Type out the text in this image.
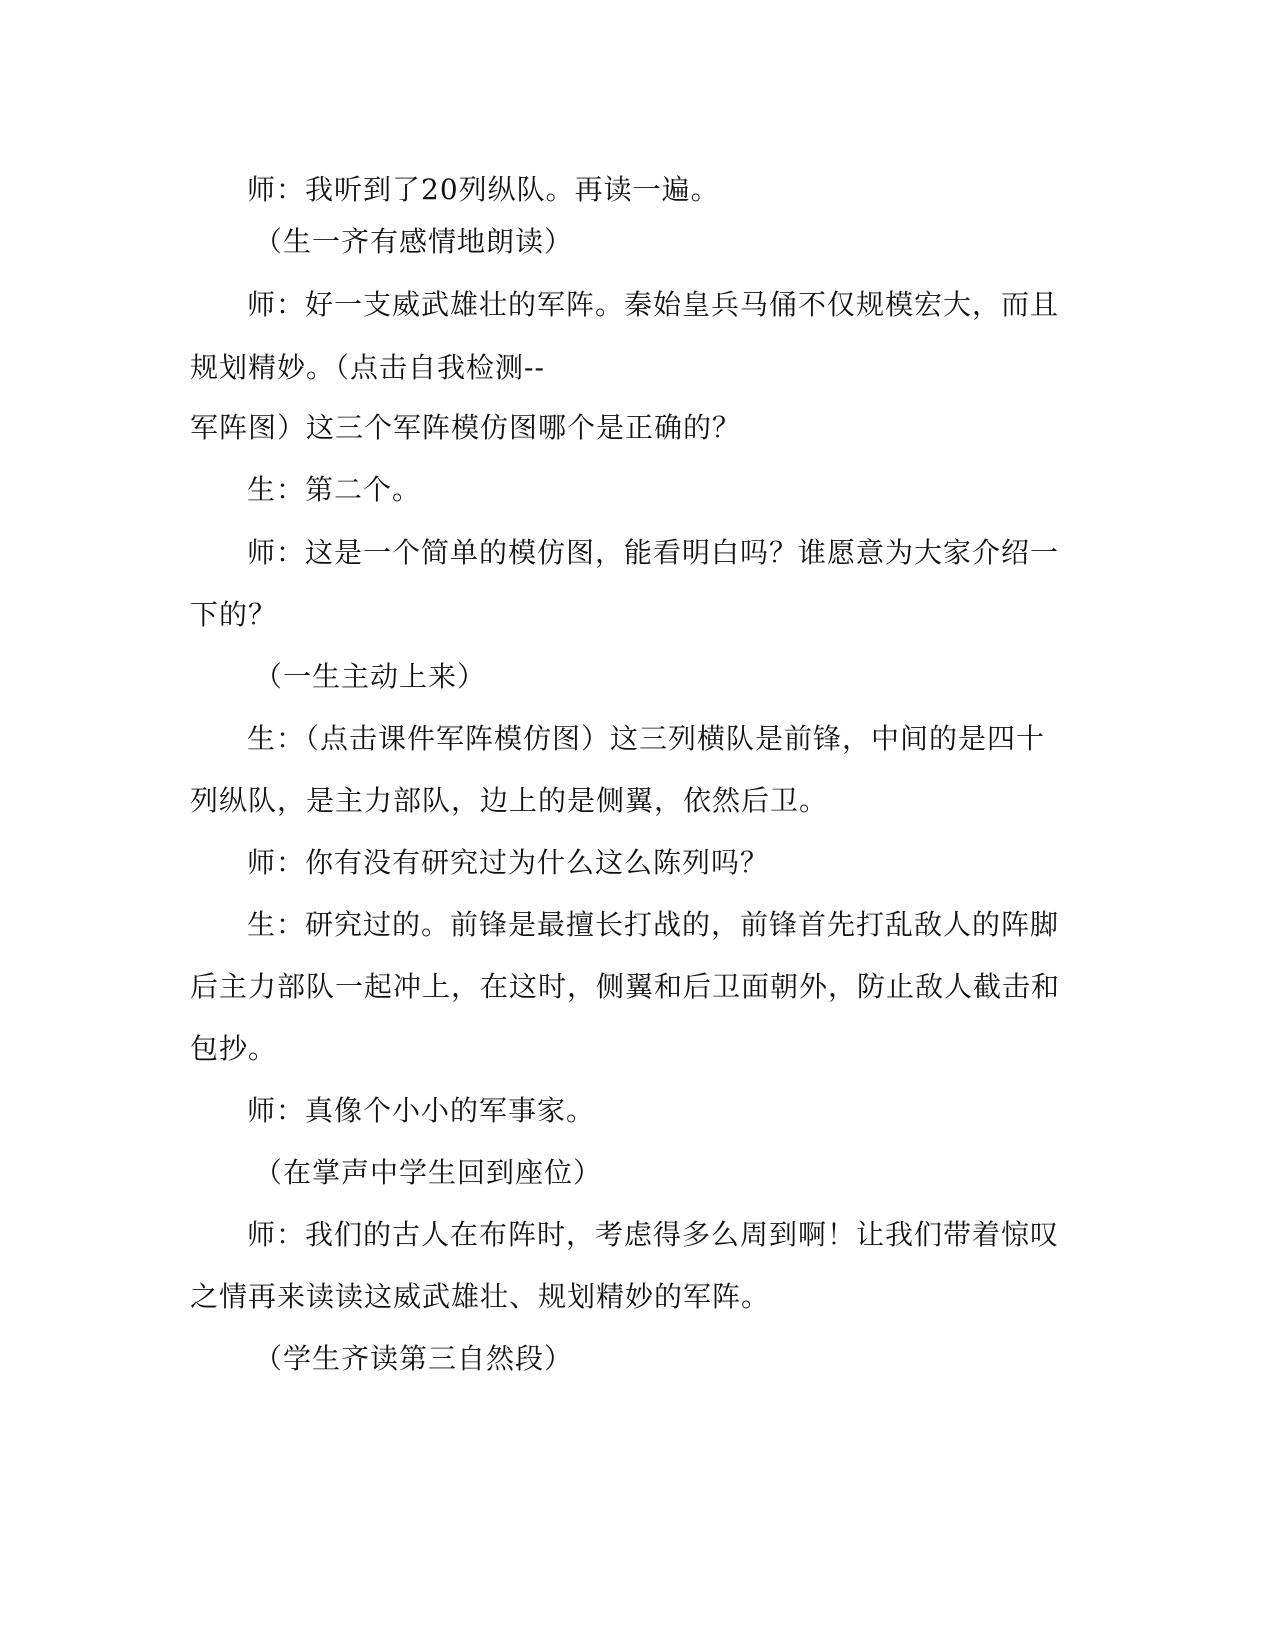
师：我听到了20列纵队。再读一遍。
（生一齐有感情地朗读）
师：好一支威武雄壮的军阵。秦始皇兵马俑不仅规模宏大，而且
规划精妙。（点击自我检测--
军阵图）这三个军阵模仿图哪个是正确的？
生：第二个。
师：这是一个简单的模仿图，能看明白吗？谁愿意为大家介绍一
下的？
（一生主动上来）
生：（点击课件军阵模仿图）这三列横队是前锋，中间的是四十
列纵队，是主力部队，边上的是侧翼，依然后卫。
师：你有没有研究过为什么这么陈列吗？
生：研究过的。前锋是最擅长打战的，前锋首先打乱敌人的阵脚
后主力部队一起冲上，在这时，侧翼和后卫面朝外，防止敌人截击和
包抄。
师：真像个小小的军事家。
（在掌声中学生回到座位）
师：我们的古人在布阵时，考虑得多么周到啊！让我们带着惊叹
之情再来读读这威武雄壮、规划精妙的军阵。
（学生齐读第三自然段）
